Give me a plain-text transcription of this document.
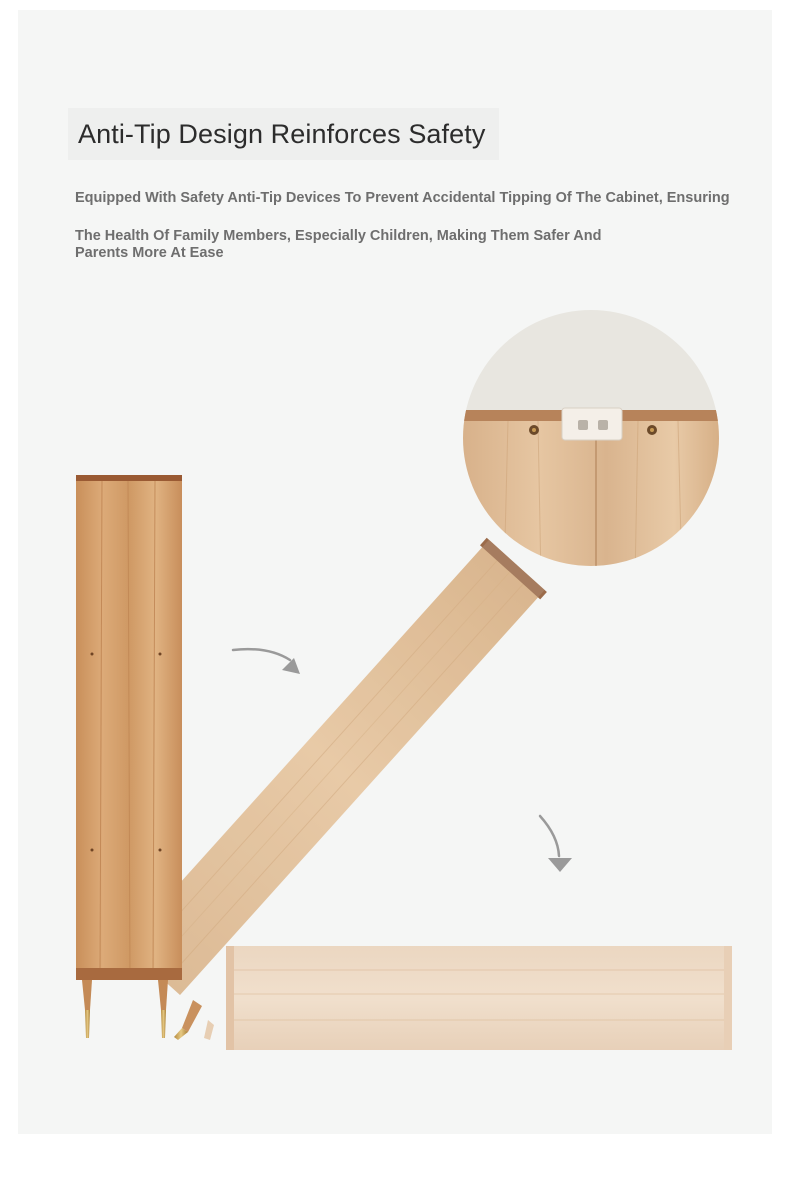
Anti-Tip Design Reinforces Safety
Equipped With Safety Anti-Tip Devices To Prevent Accidental Tipping Of The Cabinet, Ensuring
The Health Of Family Members, Especially Children, Making Them Safer And
Parents More At Ease
